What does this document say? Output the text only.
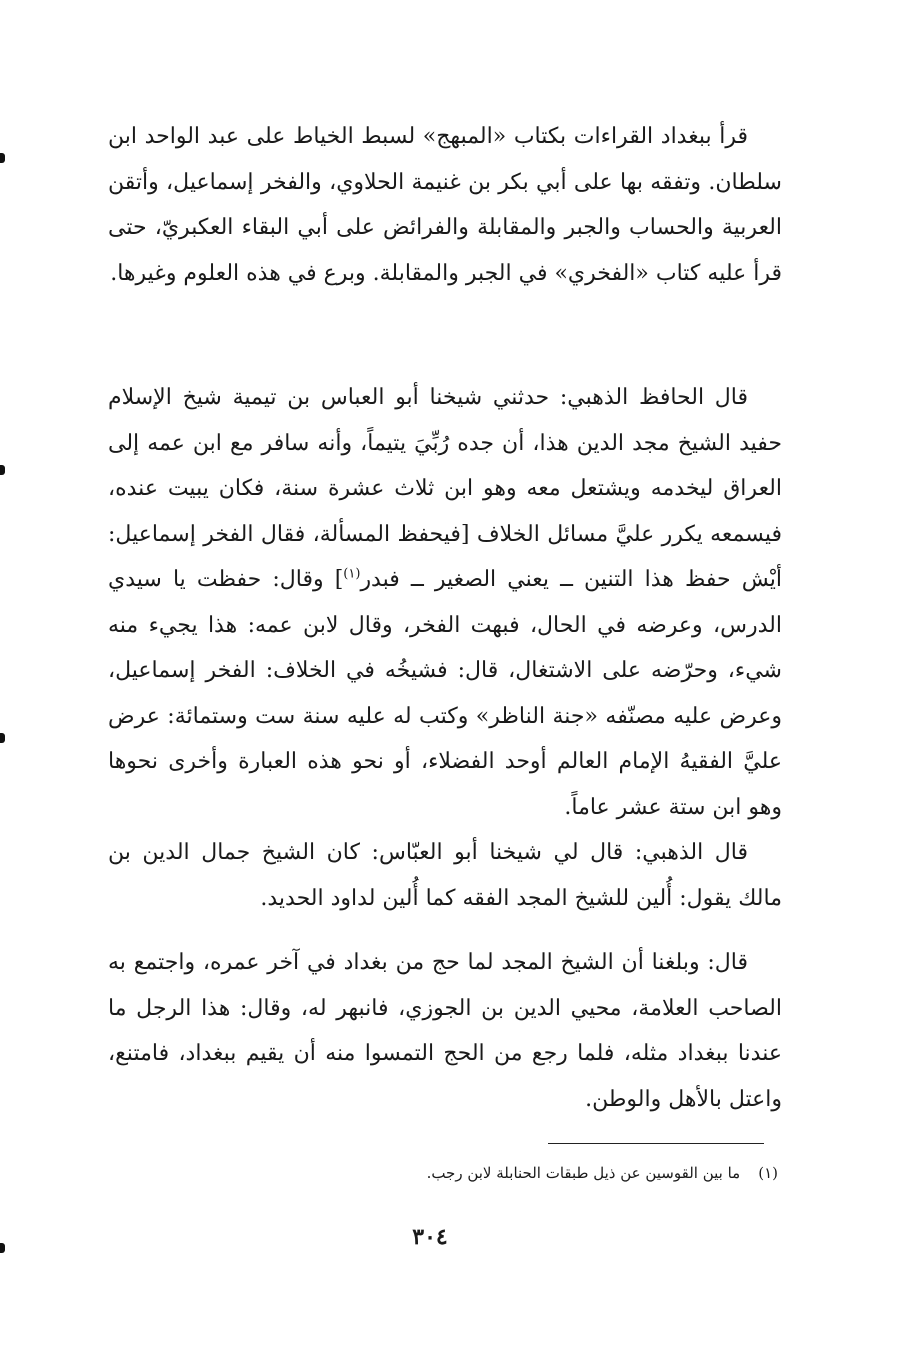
قرأ ببغداد القراءات بكتاب «المبهج» لسبط الخياط على عبد الواحد ابن سلطان. وتفقه بها على أبي بكر بن غنيمة الحلاوي، والفخر إسماعيل، وأتقن العربية والحساب والجبر والمقابلة والفرائض على أبي البقاء العكبريّ، حتى قرأ عليه كتاب «الفخري» في الجبر والمقابلة. وبرع في هذه العلوم وغيرها.

قال الحافظ الذهبي: حدثني شيخنا أبو العباس بن تيمية شيخ الإسلام حفيد الشيخ مجد الدين هذا، أن جده رُبِّيَ يتيماً، وأنه سافر مع ابن عمه إلى العراق ليخدمه ويشتعل معه وهو ابن ثلاث عشرة سنة، فكان يبيت عنده، فيسمعه يكرر عليَّ مسائل الخلاف [فيحفظ المسألة، فقال الفخر إسماعيل: أيْش حفظ هذا التنين ــ يعني الصغير ــ فبدر$^{(١)}$] وقال: حفظت يا سيدي الدرس، وعرضه في الحال، فبهت الفخر، وقال لابن عمه: هذا يجيء منه شيء، وحرّضه على الاشتغال، قال: فشيخُه في الخلاف: الفخر إسماعيل، وعرض عليه مصنّفه «جنة الناظر» وكتب له عليه سنة ست وستمائة: عرض عليَّ الفقيهُ الإمام العالم أوحد الفضلاء، أو نحو هذه العبارة وأخرى نحوها وهو ابن ستة عشر عاماً.

قال الذهبي: قال لي شيخنا أبو العبّاس: كان الشيخ جمال الدين بن مالك يقول: أُلين للشيخ المجد الفقه كما أُلين لداود الحديد.

قال: وبلغنا أن الشيخ المجد لما حج من بغداد في آخر عمره، واجتمع به الصاحب العلامة، محيي الدين بن الجوزي، فانبهر له، وقال: هذا الرجل ما عندنا ببغداد مثله، فلما رجع من الحج التمسوا منه أن يقيم ببغداد، فامتنع، واعتل بالأهل والوطن.

(١)ما بين القوسين عن ذيل طبقات الحنابلة لابن رجب.
٣٠٤
